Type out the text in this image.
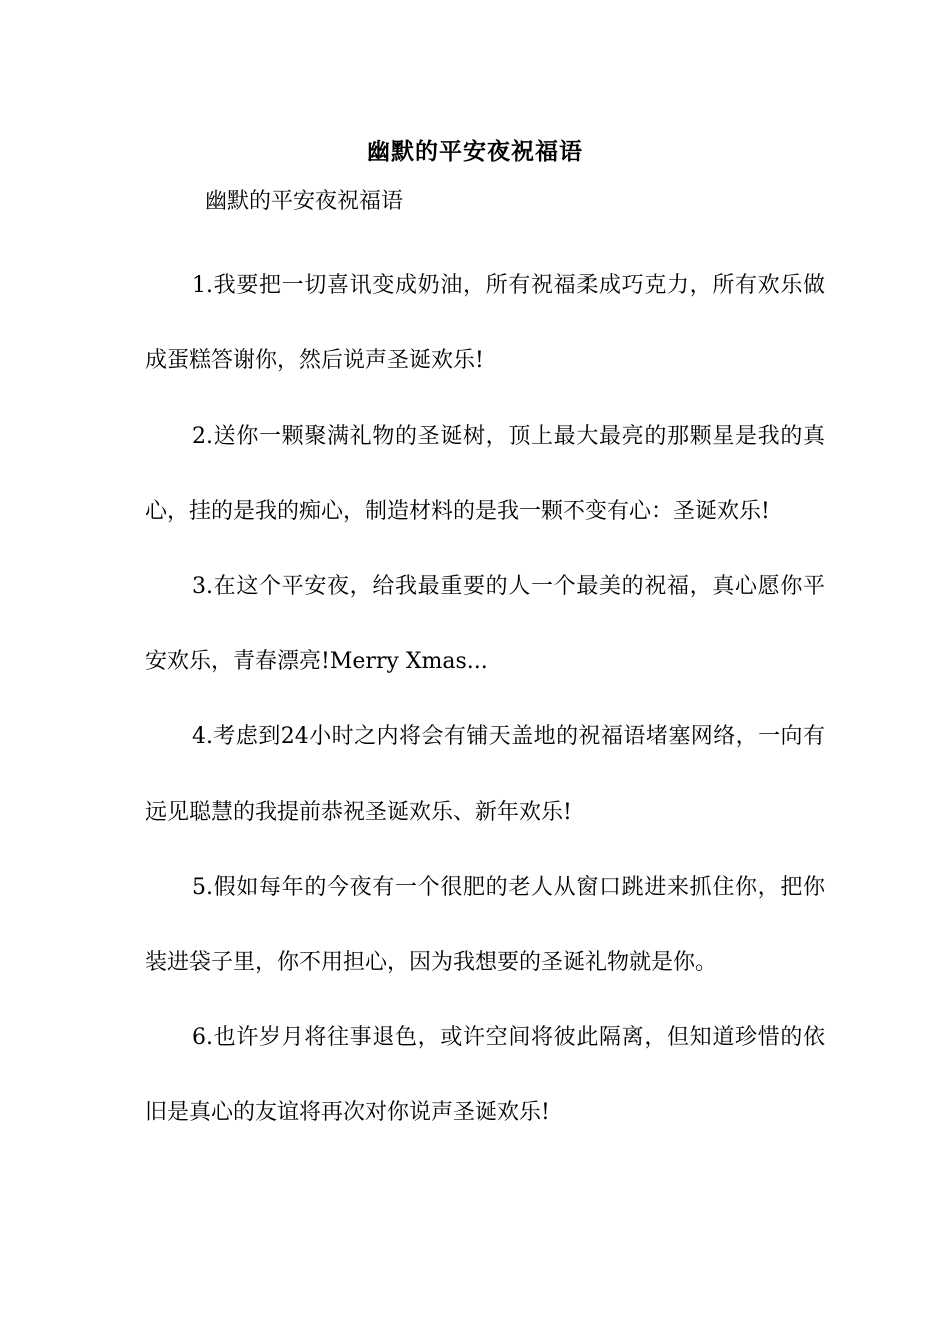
幽默的平安夜祝福语

幽默的平安夜祝福语

1.我要把一切喜讯变成奶油，所有祝福柔成巧克力，所有欢乐做成蛋糕答谢你，然后说声圣诞欢乐!

2.送你一颗聚满礼物的圣诞树，顶上最大最亮的那颗星是我的真心，挂的是我的痴心，制造材料的是我一颗不变有心：圣诞欢乐!

3.在这个平安夜，给我最重要的人一个最美的祝福，真心愿你平安欢乐，青春漂亮!Merry Xmas...

4.考虑到24小时之内将会有铺天盖地的祝福语堵塞网络，一向有远见聪慧的我提前恭祝圣诞欢乐、新年欢乐!

5.假如每年的今夜有一个很肥的老人从窗口跳进来抓住你，把你装进袋子里，你不用担心，因为我想要的圣诞礼物就是你。

6.也许岁月将往事退色，或许空间将彼此隔离，但知道珍惜的依旧是真心的友谊将再次对你说声圣诞欢乐!
